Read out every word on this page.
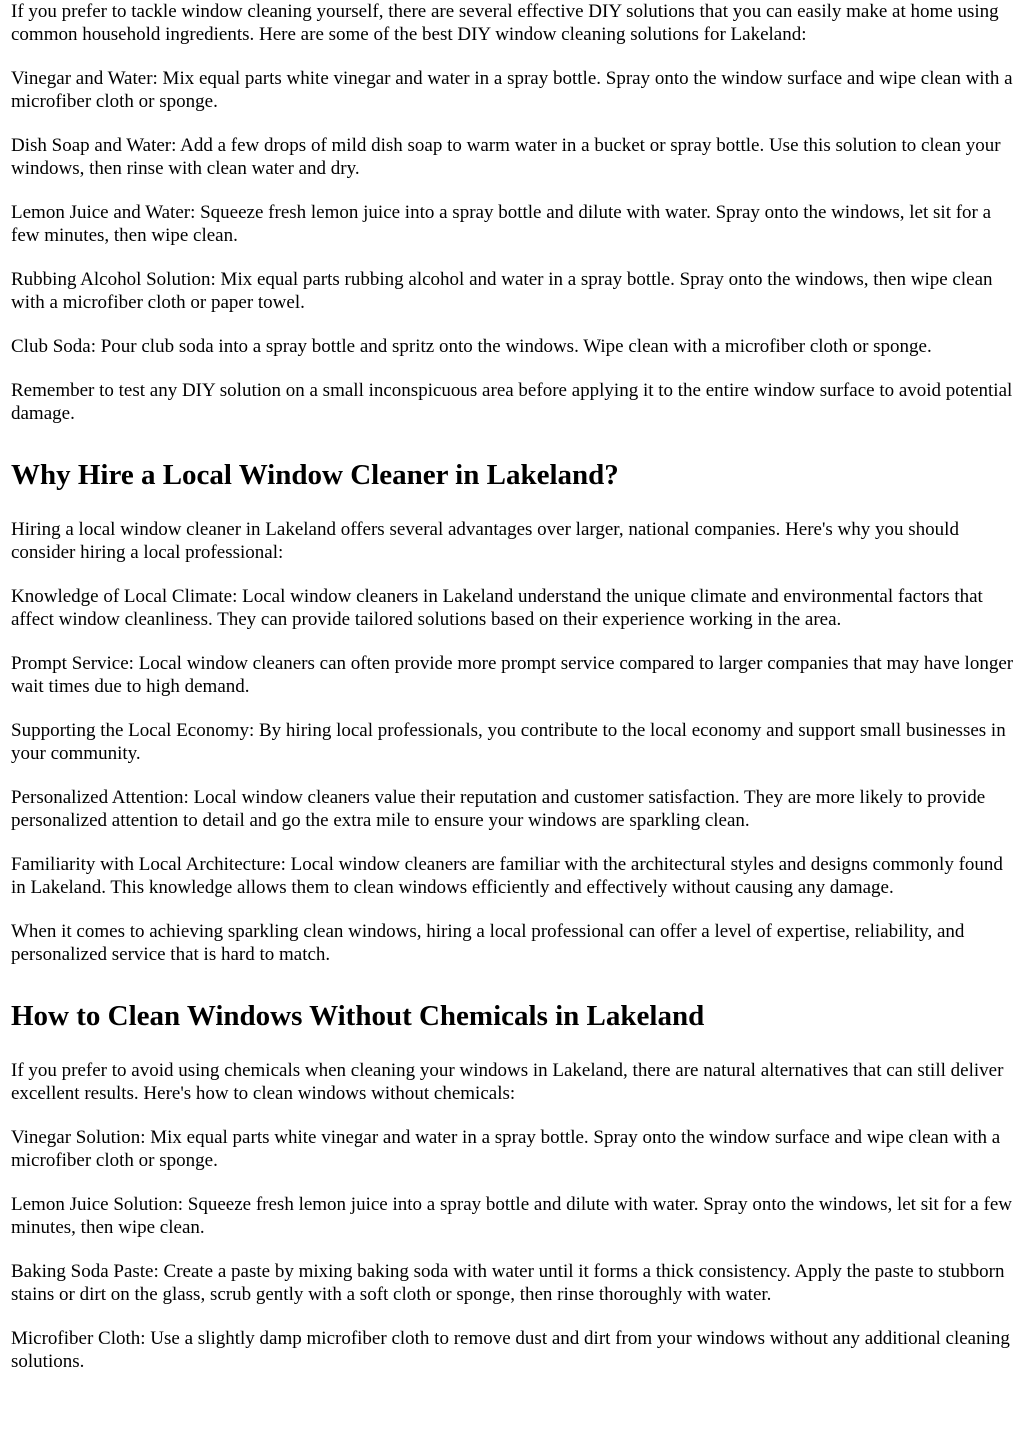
If you prefer to tackle window cleaning yourself, there are several effective DIY solutions that you can easily make at home using common household ingredients. Here are some of the best DIY window cleaning solutions for Lakeland:

Vinegar and Water: Mix equal parts white vinegar and water in a spray bottle. Spray onto the window surface and wipe clean with a microfiber cloth or sponge.

Dish Soap and Water: Add a few drops of mild dish soap to warm water in a bucket or spray bottle. Use this solution to clean your windows, then rinse with clean water and dry.

Lemon Juice and Water: Squeeze fresh lemon juice into a spray bottle and dilute with water. Spray onto the windows, let sit for a few minutes, then wipe clean.

Rubbing Alcohol Solution: Mix equal parts rubbing alcohol and water in a spray bottle. Spray onto the windows, then wipe clean with a microfiber cloth or paper towel.

Club Soda: Pour club soda into a spray bottle and spritz onto the windows. Wipe clean with a microfiber cloth or sponge.

Remember to test any DIY solution on a small inconspicuous area before applying it to the entire window surface to avoid potential damage.

Why Hire a Local Window Cleaner in Lakeland?

Hiring a local window cleaner in Lakeland offers several advantages over larger, national companies. Here's why you should consider hiring a local professional:

Knowledge of Local Climate: Local window cleaners in Lakeland understand the unique climate and environmental factors that affect window cleanliness. They can provide tailored solutions based on their experience working in the area.

Prompt Service: Local window cleaners can often provide more prompt service compared to larger companies that may have longer wait times due to high demand.

Supporting the Local Economy: By hiring local professionals, you contribute to the local economy and support small businesses in your community.

Personalized Attention: Local window cleaners value their reputation and customer satisfaction. They are more likely to provide personalized attention to detail and go the extra mile to ensure your windows are sparkling clean.

Familiarity with Local Architecture: Local window cleaners are familiar with the architectural styles and designs commonly found in Lakeland. This knowledge allows them to clean windows efficiently and effectively without causing any damage.

When it comes to achieving sparkling clean windows, hiring a local professional can offer a level of expertise, reliability, and personalized service that is hard to match.

How to Clean Windows Without Chemicals in Lakeland

If you prefer to avoid using chemicals when cleaning your windows in Lakeland, there are natural alternatives that can still deliver excellent results. Here's how to clean windows without chemicals:

Vinegar Solution: Mix equal parts white vinegar and water in a spray bottle. Spray onto the window surface and wipe clean with a microfiber cloth or sponge.

Lemon Juice Solution: Squeeze fresh lemon juice into a spray bottle and dilute with water. Spray onto the windows, let sit for a few minutes, then wipe clean.

Baking Soda Paste: Create a paste by mixing baking soda with water until it forms a thick consistency. Apply the paste to stubborn stains or dirt on the glass, scrub gently with a soft cloth or sponge, then rinse thoroughly with water.

Microfiber Cloth: Use a slightly damp microfiber cloth to remove dust and dirt from your windows without any additional cleaning solutions.
